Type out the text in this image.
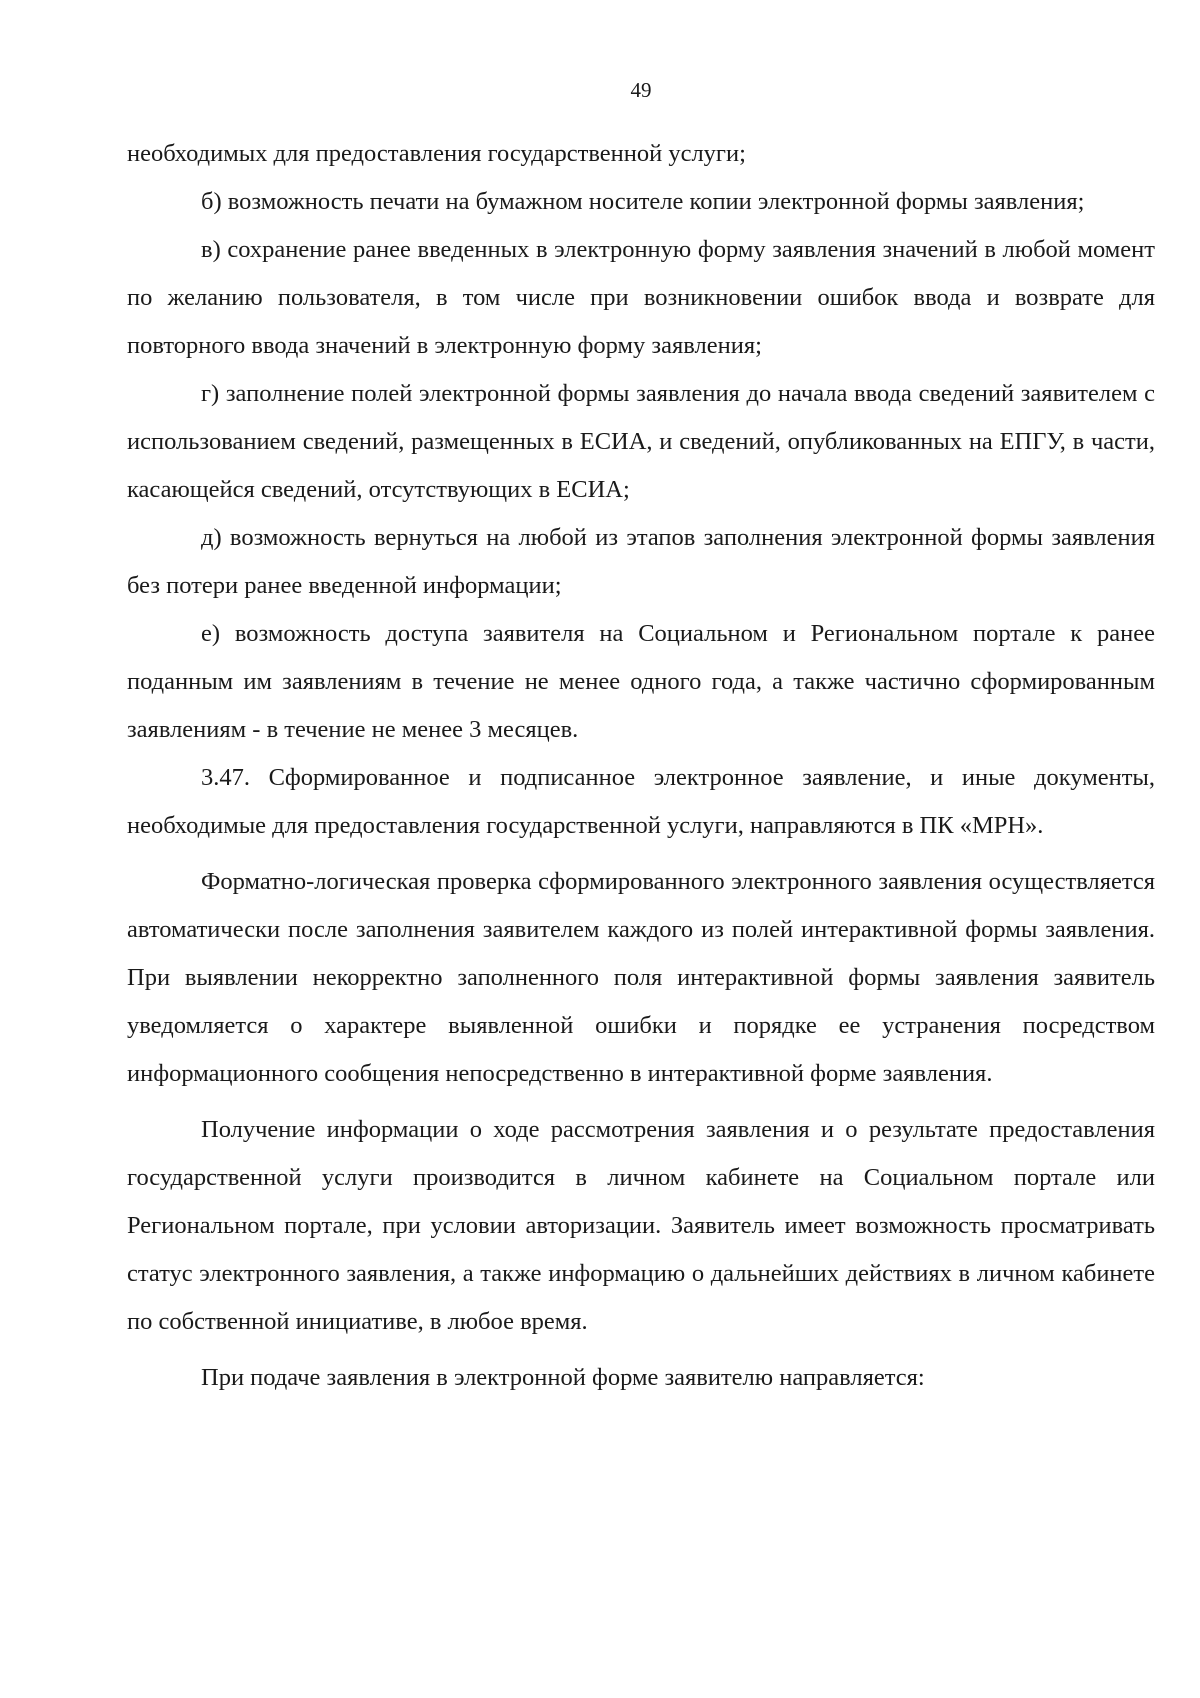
49

необходимых для предоставления государственной услуги;

б) возможность печати на бумажном носителе копии электронной формы заявления;

в) сохранение ранее введенных в электронную форму заявления значений в любой момент по желанию пользователя, в том числе при возникновении ошибок ввода и возврате для повторного ввода значений в электронную форму заявления;

г) заполнение полей электронной формы заявления до начала ввода сведений заявителем с использованием сведений, размещенных в ЕСИА, и сведений, опубликованных на ЕПГУ, в части, касающейся сведений, отсутствующих в ЕСИА;

д) возможность вернуться на любой из этапов заполнения электронной формы заявления без потери ранее введенной информации;

е) возможность доступа заявителя на Социальном и Региональном портале к ранее поданным им заявлениям в течение не менее одного года, а также частично сформированным заявлениям - в течение не менее 3 месяцев.

3.47. Сформированное и подписанное электронное заявление, и иные документы, необходимые для предоставления государственной услуги, направляются в ПК «МРН».

Форматно-логическая проверка сформированного электронного заявления осуществляется автоматически после заполнения заявителем каждого из полей интерактивной формы заявления. При выявлении некорректно заполненного поля интерактивной формы заявления заявитель уведомляется о характере выявленной ошибки и порядке ее устранения посредством информационного сообщения непосредственно в интерактивной форме заявления.

Получение информации о ходе рассмотрения заявления и о результате предоставления государственной услуги производится в личном кабинете на Социальном портале или Региональном портале, при условии авторизации. Заявитель имеет возможность просматривать статус электронного заявления, а также информацию о дальнейших действиях в личном кабинете по собственной инициативе, в любое время.

При подаче заявления в электронной форме заявителю направляется:
